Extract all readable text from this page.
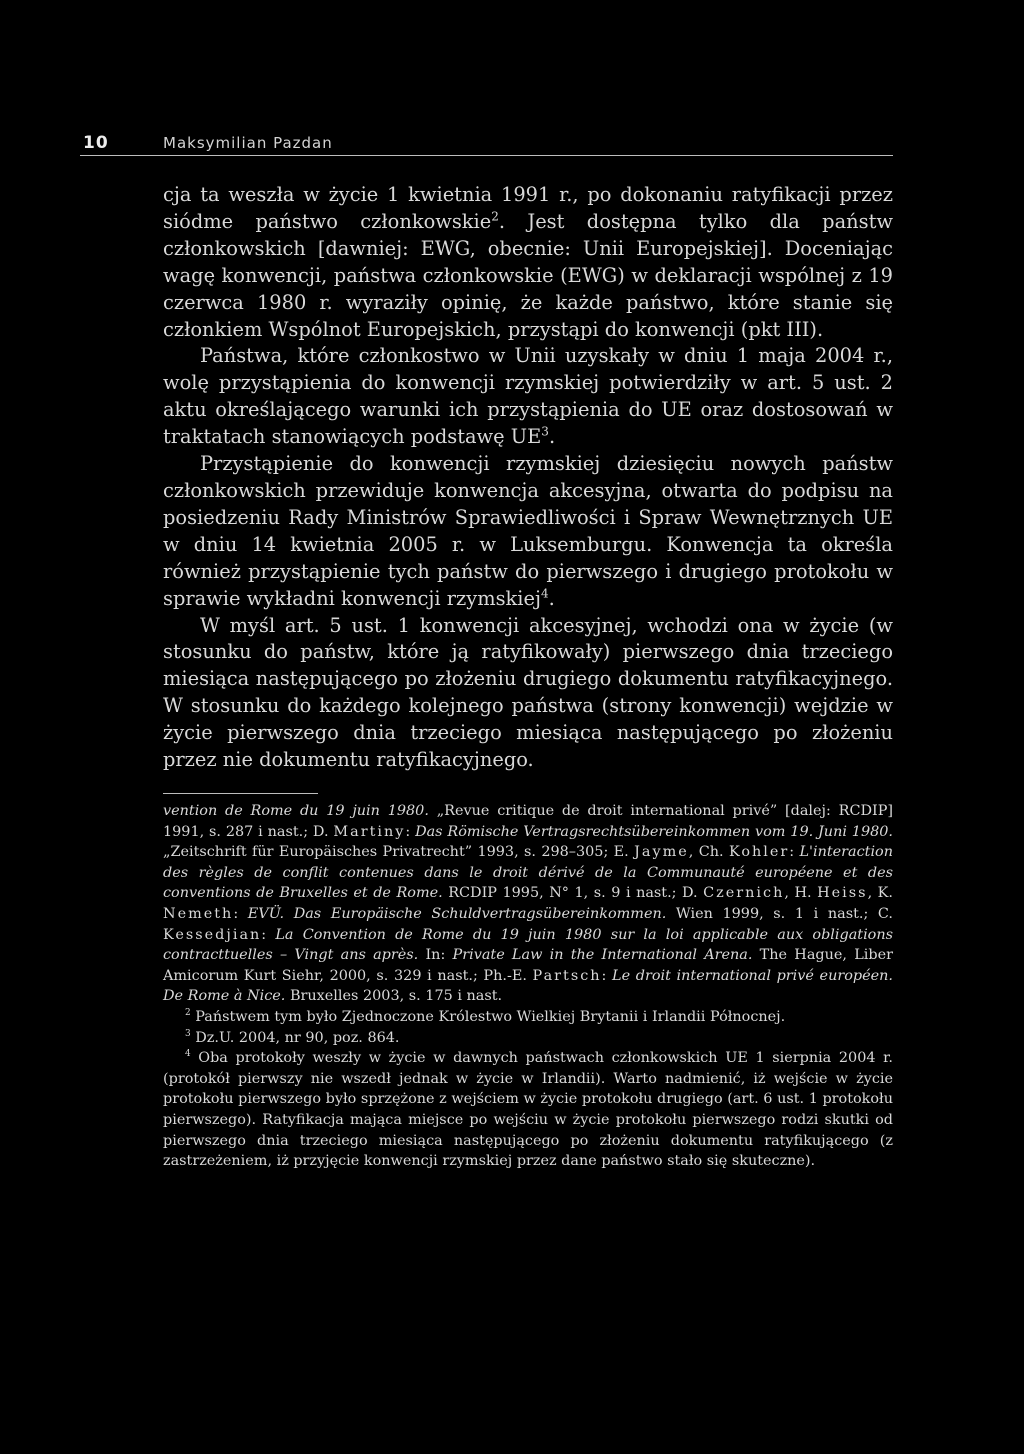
10	Maksymilian Pazdan

cja ta weszła w życie 1 kwietnia 1991 r., po dokonaniu ratyfikacji przez siódme państwo członkowskie$^2$. Jest dostępna tylko dla państw członkowskich [dawniej: EWG, obecnie: Unii Europejskiej]. Doceniając wagę konwencji, państwa członkowskie (EWG) w deklaracji wspólnej z 19 czerwca 1980 r. wyraziły opinię, że każde państwo, które stanie się członkiem Wspólnot Europejskich, przystąpi do konwencji (pkt III).

Państwa, które członkostwo w Unii uzyskały w dniu 1 maja 2004 r., wolę przystąpienia do konwencji rzymskiej potwierdziły w art. 5 ust. 2 aktu określającego warunki ich przystąpienia do UE oraz dostosowań w traktatach stanowiących podstawę $UE^3$.

Przystąpienie do konwencji rzymskiej dziesięciu nowych państw członkowskich przewiduje konwencja akcesyjna, otwarta do podpisu na posiedzeniu Rady Ministrów Sprawiedliwości i Spraw Wewnętrznych UE w dniu 14 kwietnia 2005 r. w Luksemburgu. Konwencja ta określa również przystąpienie tych państw do pierwszego i drugiego protokołu w sprawie wykładni konwencji rzymskiej$^4$.

W myśl art. 5 ust. 1 konwencji akcesyjnej, wchodzi ona w życie (w stosunku do państw, które ją ratyfikowały) pierwszego dnia trzeciego miesiąca następującego po złożeniu drugiego dokumentu ratyfikacyjnego. W stosunku do każdego kolejnego państwa (strony konwencji) wejdzie w życie pierwszego dnia trzeciego miesiąca następującego po złożeniu przez nie dokumentu ratyfikacyjnego.

vention de Rome du 19 juin 1980. „Revue critique de droit international privé” [dalej: RCDIP] 1991, s. 287 i nast.; D. Martiny: Das Römische Vertragsrechtsübereinkommen vom 19. Juni 1980. „Zeitschrift für Europäisches Privatrecht” 1993, s. 298–305; E. Jayme, Ch. Kohler: L'interaction des règles de conflit contenues dans le droit dérivé de la Communauté européene et des conventions de Bruxelles et de Rome. RCDIP 1995, N° 1, s. 9 i nast.; D. Czernich, H. Heiss, K. Nemeth: EVÜ. Das Europäische Schuldvertragsübereinkommen. Wien 1999, s. 1 i nast.; C. Kessedjian: La Convention de Rome du 19 juin 1980 sur la loi applicable aux obligations contracttuelles – Vingt ans après. In: Private Law in the International Arena. The Hague, Liber Amicorum Kurt Siehr, 2000, s. 329 i nast.; Ph.-E. Partsch: Le droit international privé européen. De Rome à Nice. Bruxelles 2003, s. 175 i nast.

$^2$ Państwem tym było Zjednoczone Królestwo Wielkiej Brytanii i Irlandii Północnej.

$^3$ Dz.U. 2004, nr 90, poz. 864.

$^4$ Oba protokoły weszły w życie w dawnych państwach członkowskich UE 1 sierpnia 2004 r. (protokół pierwszy nie wszedł jednak w życie w Irlandii). Warto nadmienić, iż wejście w życie protokołu pierwszego było sprzężone z wejściem w życie protokołu drugiego (art. 6 ust. 1 protokołu pierwszego). Ratyfikacja mająca miejsce po wejściu w życie protokołu pierwszego rodzi skutki od pierwszego dnia trzeciego miesiąca następującego po złożeniu dokumentu ratyfikującego (z zastrzeżeniem, iż przyjęcie konwencji rzymskiej przez dane państwo stało się skuteczne).
